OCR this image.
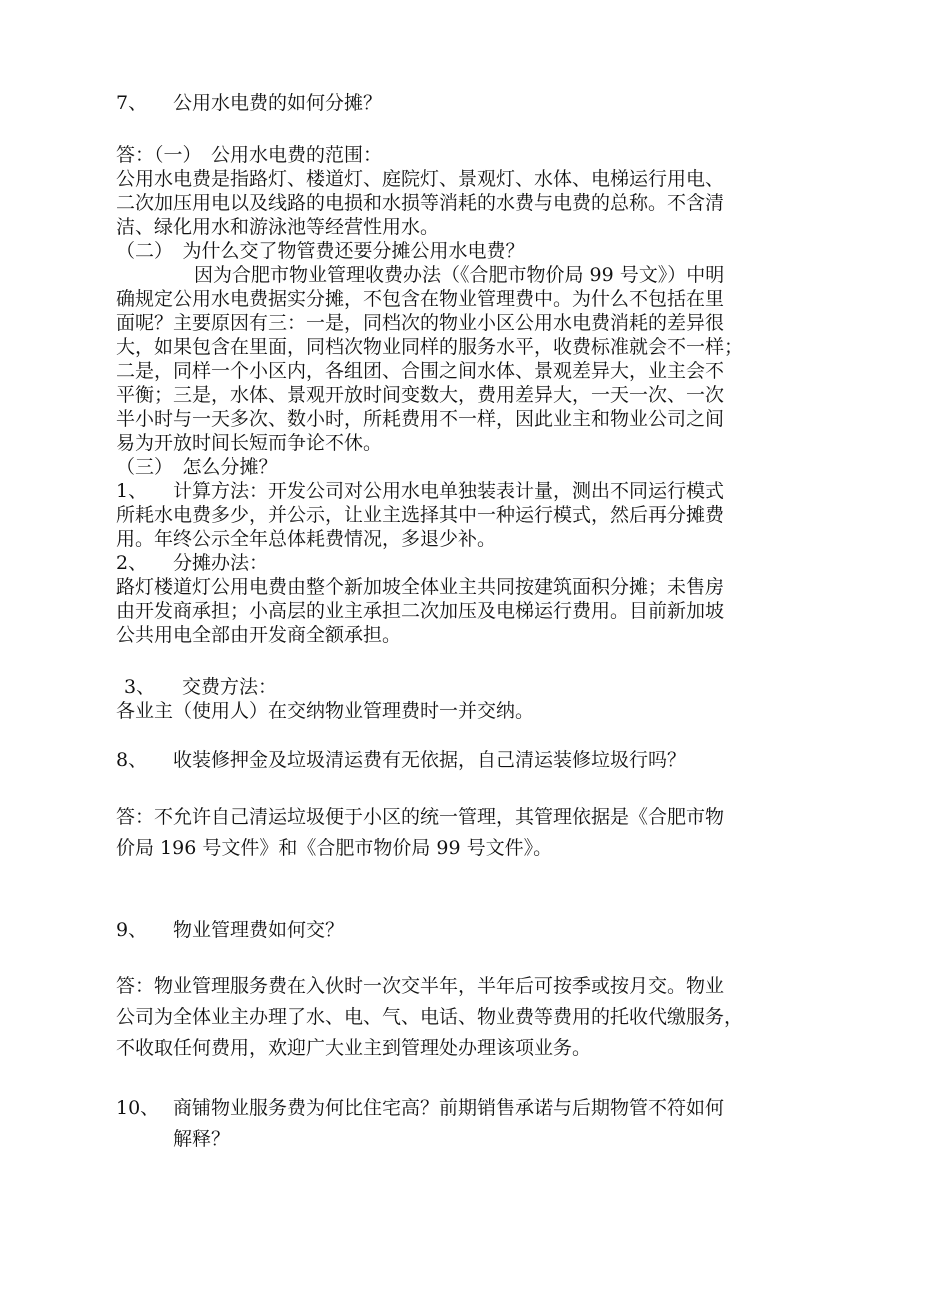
7、 公用水电费的如何分摊？

答：（一）　公用水电费的范围：

公用水电费是指路灯、楼道灯、庭院灯、景观灯、水体、电梯运行用电、

二次加压用电以及线路的电损和水损等消耗的水费与电费的总称。不含清

洁、绿化用水和游泳池等经营性用水。

（二）　为什么交了物管费还要分摊公用水电费？

因为合肥市物业管理收费办法（《合肥市物价局 99 号文》）中明

确规定公用水电费据实分摊，不包含在物业管理费中。为什么不包括在里

面呢？主要原因有三：一是，同档次的物业小区公用水电费消耗的差异很

大，如果包含在里面，同档次物业同样的服务水平，收费标准就会不一样；

二是，同样一个小区内，各组团、合围之间水体、景观差异大，业主会不

平衡；三是，水体、景观开放时间变数大，费用差异大，一天一次、一次

半小时与一天多次、数小时，所耗费用不一样，因此业主和物业公司之间

易为开放时间长短而争论不休。

（三）　怎么分摊？

1、 计算方法：开发公司对公用水电单独装表计量，测出不同运行模式

所耗水电费多少，并公示，让业主选择其中一种运行模式，然后再分摊费

用。年终公示全年总体耗费情况，多退少补。

2、 分摊办法：

路灯楼道灯公用电费由整个新加坡全体业主共同按建筑面积分摊；未售房

由开发商承担；小高层的业主承担二次加压及电梯运行费用。目前新加坡

公共用电全部由开发商全额承担。

3、 交费方法：

各业主（使用人）在交纳物业管理费时一并交纳。

8、 收装修押金及垃圾清运费有无依据，自己清运装修垃圾行吗？

答：不允许自己清运垃圾便于小区的统一管理，其管理依据是《合肥市物

价局 196 号文件》和《合肥市物价局 99 号文件》。

9、 物业管理费如何交？

答：物业管理服务费在入伙时一次交半年，半年后可按季或按月交。物业

公司为全体业主办理了水、电、气、电话、物业费等费用的托收代缴服务，

不收取任何费用，欢迎广大业主到管理处办理该项业务。

10、 商铺物业服务费为何比住宅高？前期销售承诺与后期物管不符如何

解释？
